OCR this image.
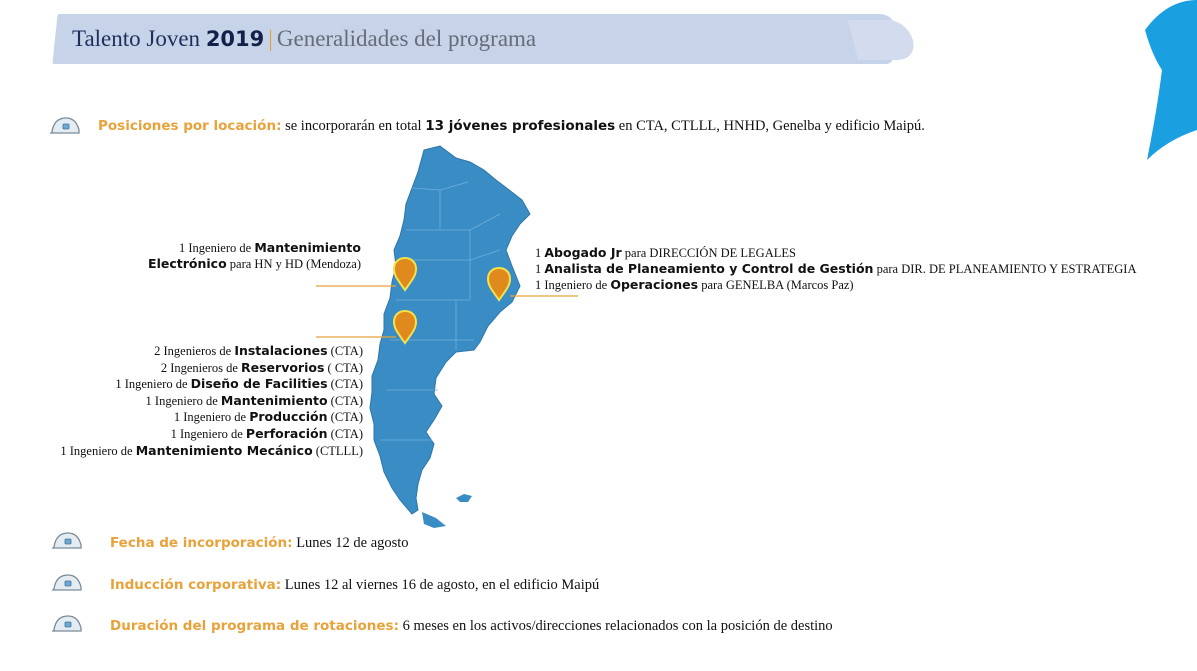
Talento Joven 2019 | Generalidades del programa
Posiciones por locación: se incorporarán en total 13 jóvenes profesionales en CTA, CTLLL, HNHD, Genelba y edificio Maipú.
1 Ingeniero de Mantenimiento
Electrónico para HN y HD (Mendoza)
1 Abogado Jr para DIRECCIÓN DE LEGALES
1 Analista de Planeamiento y Control de Gestión para DIR. DE PLANEAMIENTO Y ESTRATEGIA
1 Ingeniero de Operaciones para GENELBA (Marcos Paz)
2 Ingenieros de Instalaciones (CTA)
2 Ingenieros de Reservorios ( CTA)
1 Ingeniero de Diseño de Facilities (CTA)
1 Ingeniero de Mantenimiento (CTA)
1 Ingeniero de Producción (CTA)
1 Ingeniero de Perforación (CTA)
1 Ingeniero de Mantenimiento Mecánico (CTLLL)
Fecha de incorporación: Lunes 12 de agosto
Inducción corporativa: Lunes 12 al viernes 16 de agosto, en el edificio Maipú
Duración del programa de rotaciones: 6 meses en los activos/direcciones relacionados con la posición de destino
